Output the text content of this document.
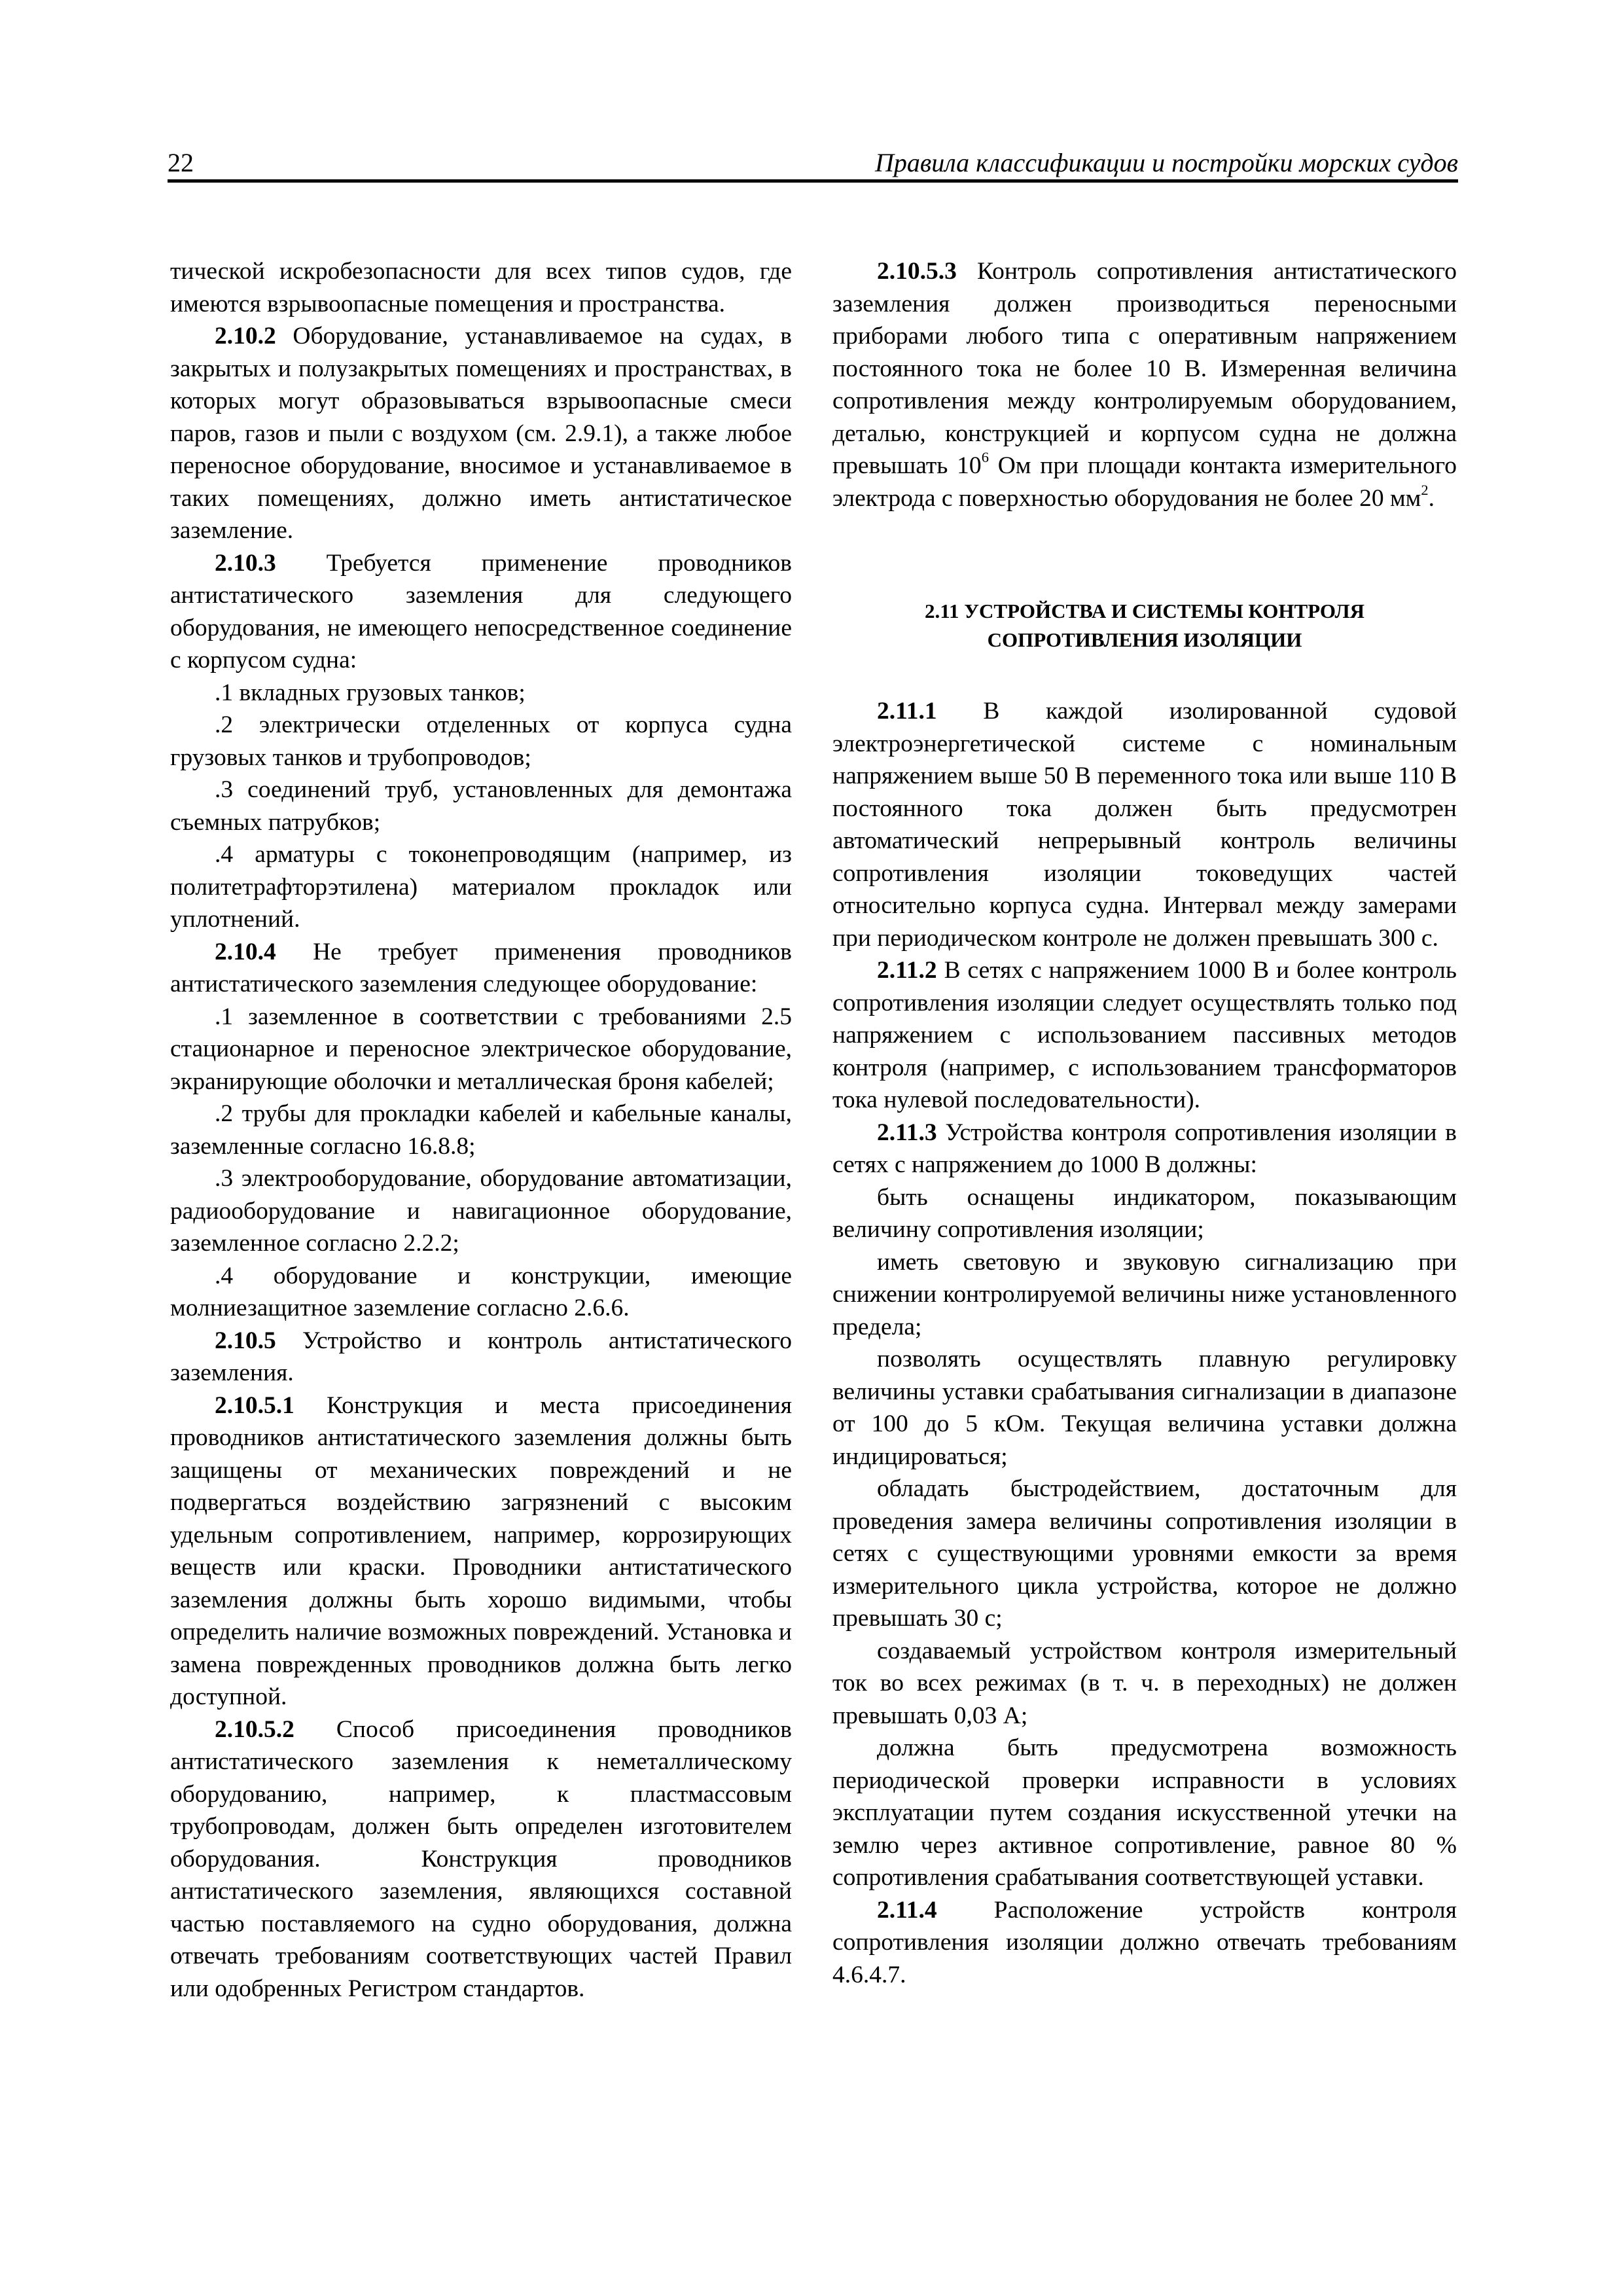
22	Правила классификации и постройки морских судов

тической искробезопасности для всех типов судов, где имеются взрывоопасные помещения и пространства.

2.10.2 Оборудование, устанавливаемое на судах, в закрытых и полузакрытых помещениях и пространствах, в которых могут образовываться взрывоопасные смеси паров, газов и пыли с воздухом (см. 2.9.1), а также любое переносное оборудование, вносимое и устанавливаемое в таких помещениях, должно иметь антистатическое заземление.

2.10.3 Требуется применение проводников антистатического заземления для следующего оборудования, не имеющего непосредственное соединение с корпусом судна:

.1 вкладных грузовых танков;

.2 электрически отделенных от корпуса судна грузовых танков и трубопроводов;

.3 соединений труб, установленных для демонтажа съемных патрубков;

.4 арматуры с токонепроводящим (например, из политетрафторэтилена) материалом прокладок или уплотнений.

2.10.4 Не требует применения проводников антистатического заземления следующее оборудование:

.1 заземленное в соответствии с требованиями 2.5 стационарное и переносное электрическое оборудование, экранирующие оболочки и металлическая броня кабелей;

.2 трубы для прокладки кабелей и кабельные каналы, заземленные согласно 16.8.8;

.3 электрооборудование, оборудование автоматизации, радиооборудование и навигационное оборудование, заземленное согласно 2.2.2;

.4 оборудование и конструкции, имеющие молниезащитное заземление согласно 2.6.6.

2.10.5 Устройство и контроль антистатического заземления.

2.10.5.1 Конструкция и места присоединения проводников антистатического заземления должны быть защищены от механических повреждений и не подвергаться воздействию загрязнений с высоким удельным сопротивлением, например, коррозирующих веществ или краски. Проводники антистатического заземления должны быть хорошо видимыми, чтобы определить наличие возможных повреждений. Установка и замена поврежденных проводников должна быть легко доступной.

2.10.5.2 Способ присоединения проводников антистатического заземления к неметаллическому оборудованию, например, к пластмассовым трубопроводам, должен быть определен изготовителем оборудования. Конструкция проводников антистатического заземления, являющихся составной частью поставляемого на судно оборудования, должна отвечать требованиям соответствующих частей Правил или одобренных Регистром стандартов.

2.10.5.3 Контроль сопротивления антистатического заземления должен производиться переносными приборами любого типа с оперативным напряжением постоянного тока не более 10 В. Измеренная величина сопротивления между контролируемым оборудованием, деталью, конструкцией и корпусом судна не должна превышать $10^6$ Ом при площади контакта измерительного электрода с поверхностью оборудования не более 20 $мм^2$.

2.11 УСТРОЙСТВА И СИСТЕМЫ КОНТРОЛЯ
СОПРОТИВЛЕНИЯ ИЗОЛЯЦИИ

2.11.1 В каждой изолированной судовой электроэнергетической системе с номинальным напряжением выше 50 В переменного тока или выше 110 В постоянного тока должен быть предусмотрен автоматический непрерывный контроль величины сопротивления изоляции токоведущих частей относительно корпуса судна. Интервал между замерами при периодическом контроле не должен превышать 300 с.

2.11.2 В сетях с напряжением 1000 В и более контроль сопротивления изоляции следует осуществлять только под напряжением с использованием пассивных методов контроля (например, с использованием трансформаторов тока нулевой последовательности).

2.11.3 Устройства контроля сопротивления изоляции в сетях с напряжением до 1000 В должны:

быть оснащены индикатором, показывающим величину сопротивления изоляции;

иметь световую и звуковую сигнализацию при снижении контролируемой величины ниже установленного предела;

позволять осуществлять плавную регулировку величины уставки срабатывания сигнализации в диапазоне от 100 до 5 кОм. Текущая величина уставки должна индицироваться;

обладать быстродействием, достаточным для проведения замера величины сопротивления изоляции в сетях с существующими уровнями емкости за время измерительного цикла устройства, которое не должно превышать 30 с;

создаваемый устройством контроля измерительный ток во всех режимах (в т. ч. в переходных) не должен превышать 0,03 А;

должна быть предусмотрена возможность периодической проверки исправности в условиях эксплуатации путем создания искусственной утечки на землю через активное сопротивление, равное 80 % сопротивления срабатывания соответствующей уставки.

2.11.4 Расположение устройств контроля сопротивления изоляции должно отвечать требованиям 4.6.4.7.
